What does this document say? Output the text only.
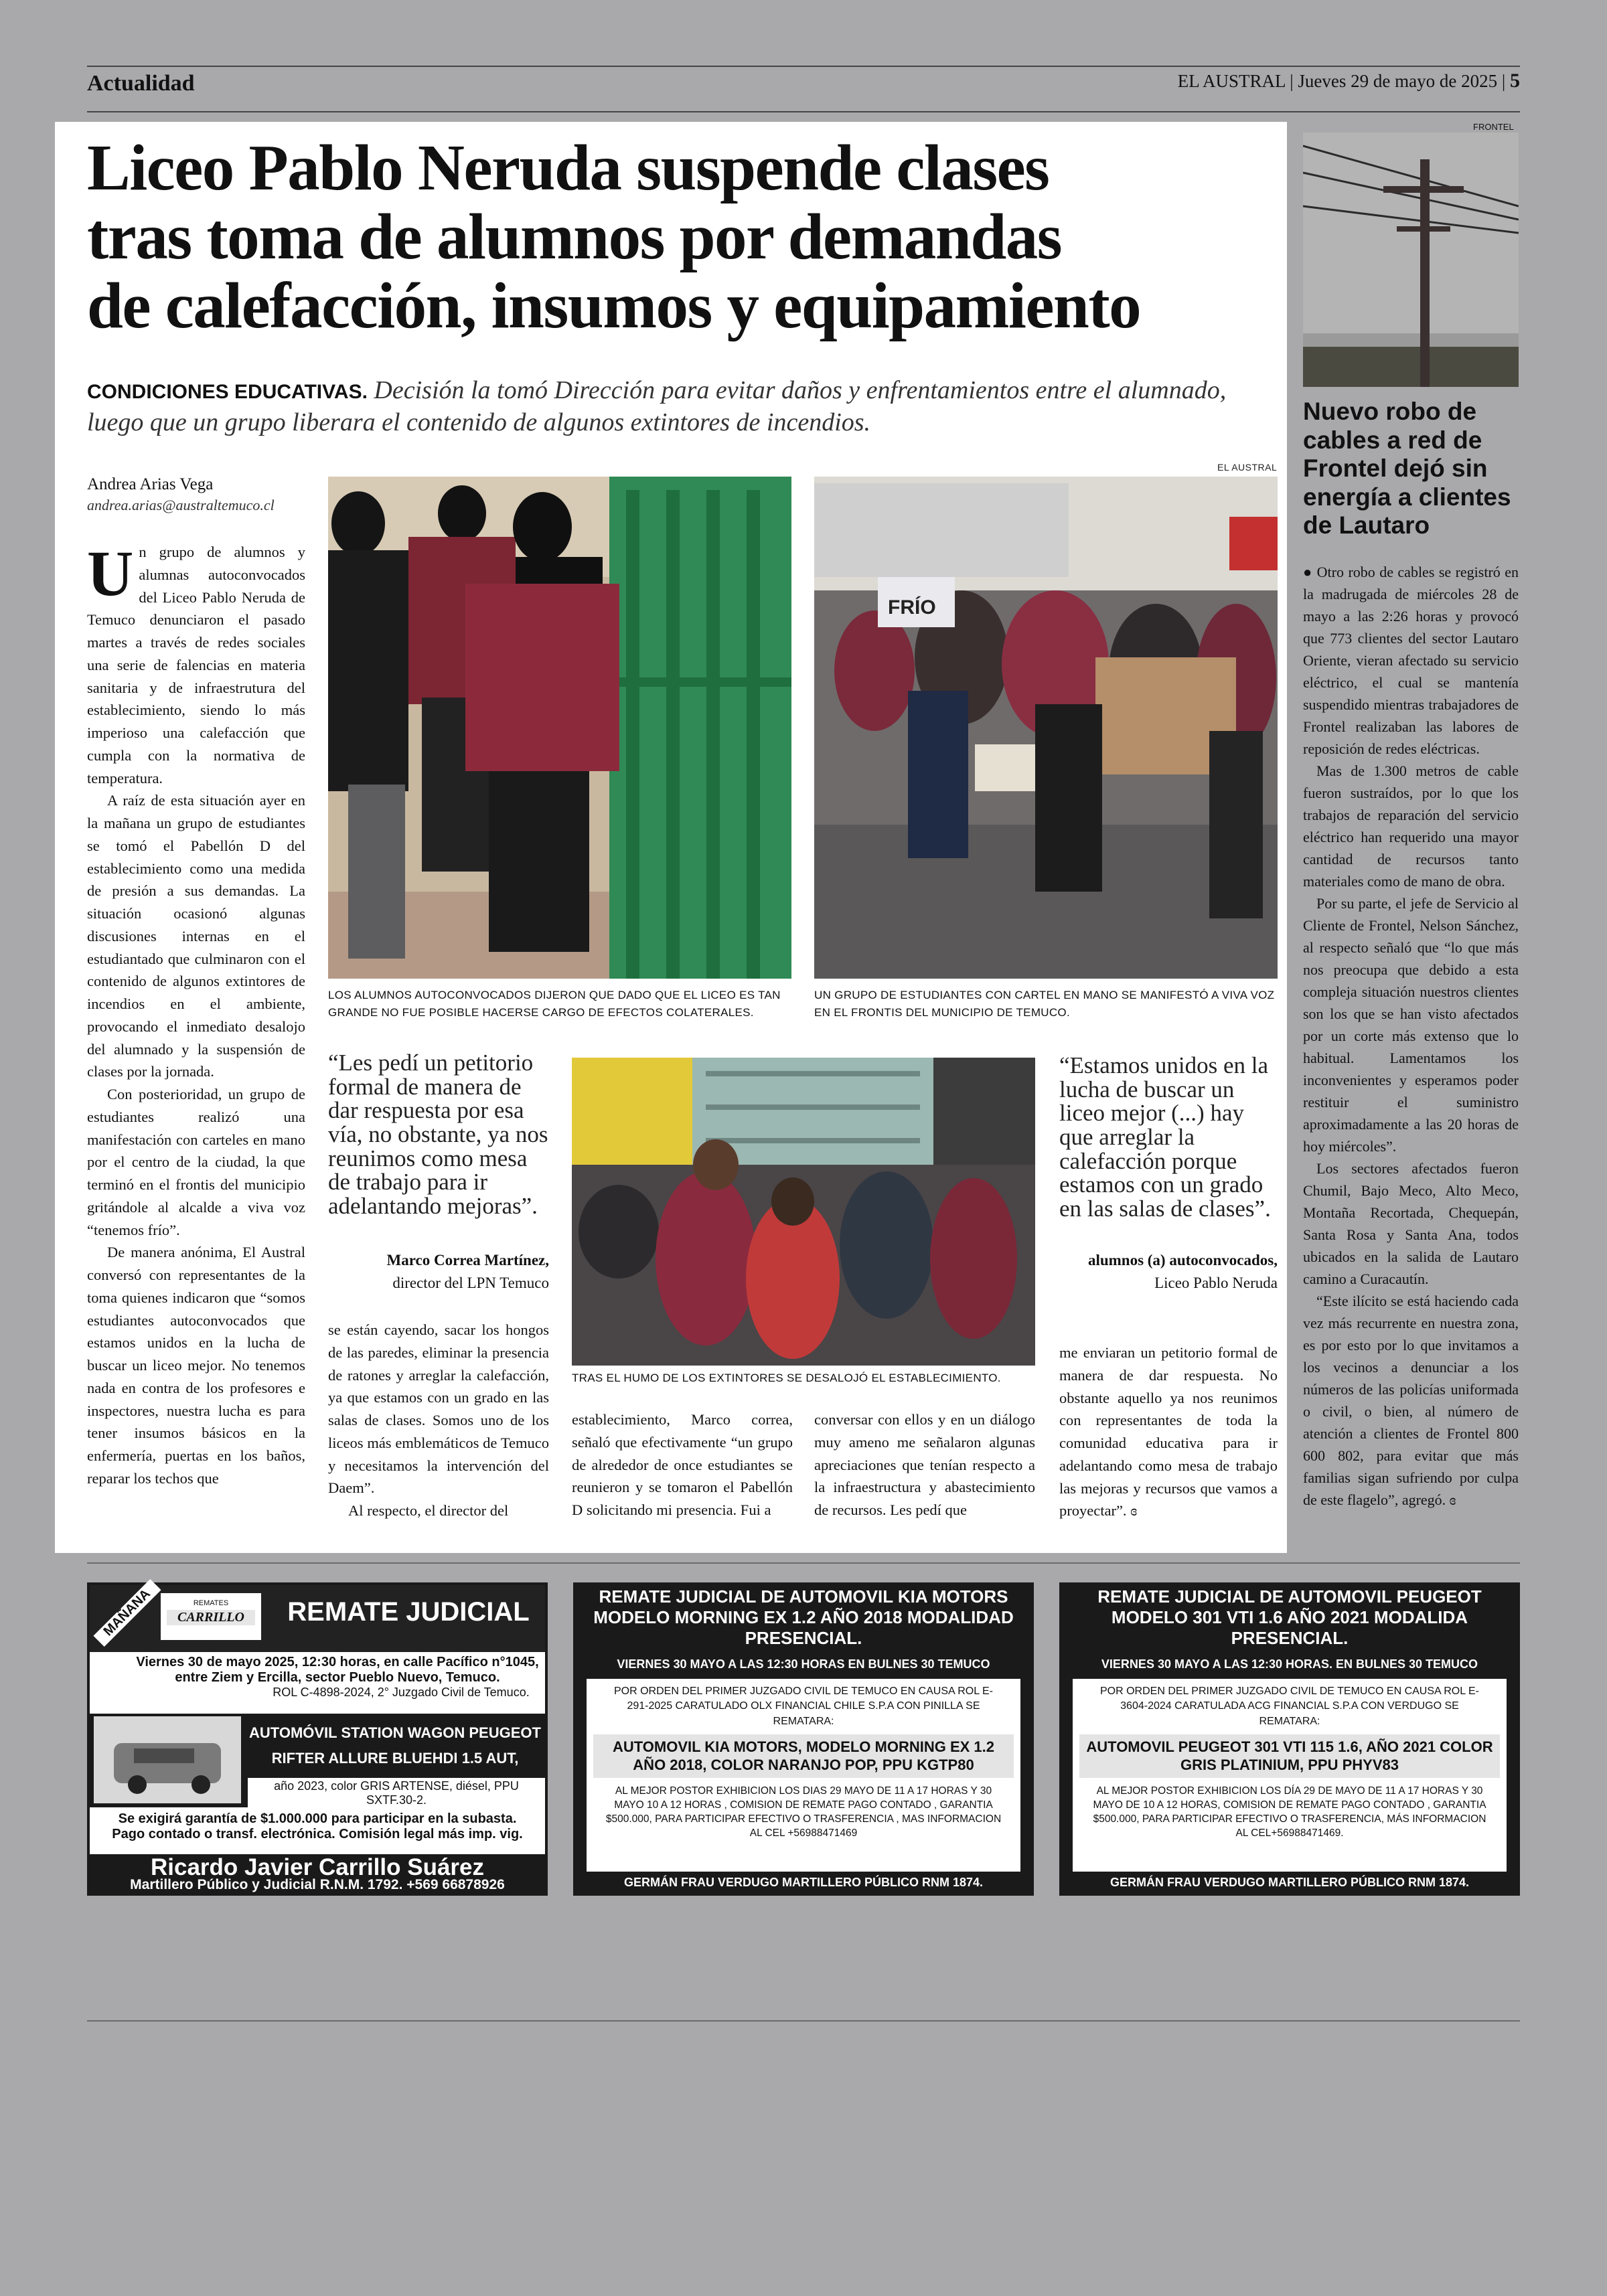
Actualidad	EL AUSTRAL | Jueves 29 de mayo de 2025 | 5
Liceo Pablo Neruda suspende clases
tras toma de alumnos por demandas
de calefacción, insumos y equipamiento
CONDICIONES EDUCATIVAS. Decisión la tomó Dirección para evitar daños y enfrentamientos entre el alumnado, luego que un grupo liberara el contenido de algunos extintores de incendios.
EL AUSTRAL
Andrea Arias Vega
andrea.arias@australtemuco.cl

Un grupo de alumnos y alumnas autoconvocados del Liceo Pablo Neruda de Temuco denunciaron el pasado martes a través de redes sociales una serie de falencias en materia sanitaria y de infraestrutura del establecimiento, siendo lo más imperioso una calefacción que cumpla con la normativa de temperatura.

A raíz de esta situación ayer en la mañana un grupo de estudiantes se tomó el Pabellón D del establecimiento como una medida de presión a sus demandas. La situación ocasionó algunas discusiones internas en el estudiantado que culminaron con el contenido de algunos extintores de incendios en el ambiente, provocando el inmediato desalojo del alumnado y la suspensión de clases por la jornada.

Con posterioridad, un grupo de estudiantes realizó una manifestación con carteles en mano por el centro de la ciudad, la que terminó en el frontis del municipio gritándole al alcalde a viva voz “tenemos frío”.

De manera anónima, El Austral conversó con representantes de la toma quienes indicaron que “somos estudiantes autoconvocados que estamos unidos en la lucha de buscar un liceo mejor. No tenemos nada en contra de los profesores e inspectores, nuestra lucha es para tener insumos básicos en la enfermería, puertas en los baños, reparar los techos que

LOS ALUMNOS AUTOCONVOCADOS DIJERON QUE DADO QUE EL LICEO ES TAN GRANDE NO FUE POSIBLE HACERSE CARGO DE EFECTOS COLATERALES.
FRÍO
UN GRUPO DE ESTUDIANTES CON CARTEL EN MANO SE MANIFESTÓ A VIVA VOZ EN EL FRONTIS DEL MUNICIPIO DE TEMUCO.
“Les pedí un petitorio formal de manera de dar respuesta por esa vía, no obstante, ya nos reunimos como mesa de trabajo para ir adelantando mejoras”.
Marco Correa Martínez,
director del LPN Temuco
TRAS EL HUMO DE LOS EXTINTORES SE DESALOJÓ EL ESTABLECIMIENTO.
“Estamos unidos en la lucha de buscar un liceo mejor (...) hay que arreglar la calefacción porque estamos con un grado en las salas de clases”.
alumnos (a) autoconvocados,
Liceo Pablo Neruda

se están cayendo, sacar los hongos de las paredes, eliminar la presencia de ratones y arreglar la calefacción, ya que estamos con un grado en las salas de clases. Somos uno de los liceos más emblemáticos de Temuco y necesitamos la intervención del Daem”.

Al respecto, el director del

establecimiento, Marco correa, señaló que efectivamente “un grupo de alrededor de once estudiantes se reunieron y se tomaron el Pabellón D solicitando mi presencia. Fui a

conversar con ellos y en un diálogo muy ameno me señalaron algunas apreciaciones que tenían respecto a la infraestructura y abastecimiento de recursos. Les pedí que

me enviaran un petitorio formal de manera de dar respuesta. No obstante aquello ya nos reunimos con representantes de toda la comunidad educativa para ir adelantando como mesa de trabajo las mejoras y recursos que vamos a proyectar”. ɞ

FRONTEL
Nuevo robo de cables a red de Frontel dejó sin energía a clientes de Lautaro

● Otro robo de cables se registró en la madrugada de miércoles 28 de mayo a las 2:26 horas y provocó que 773 clientes del sector Lautaro Oriente, vieran afectado su servicio eléctrico, el cual se mantenía suspendido mientras trabajadores de Frontel realizaban las labores de reposición de redes eléctricas.

Mas de 1.300 metros de cable fueron sustraídos, por lo que los trabajos de reparación del servicio eléctrico han requerido una mayor cantidad de recursos tanto materiales como de mano de obra.

Por su parte, el jefe de Servicio al Cliente de Frontel, Nelson Sánchez, al respecto señaló que “lo que más nos preocupa que debido a esta compleja situación nuestros clientes son los que se han visto afectados por un corte más extenso que lo habitual. Lamentamos los inconvenientes y esperamos poder restituir el suministro aproximadamente a las 20 horas de hoy miércoles”.

Los sectores afectados fueron Chumil, Bajo Meco, Alto Meco, Montaña Recortada, Chequepán, Santa Rosa y Santa Ana, todos ubicados en la salida de Lautaro camino a Curacautín.

“Este ilícito se está haciendo cada vez más recurrente en nuestra zona, es por esto por lo que invitamos a los vecinos a denunciar a los números de las policías uniformada o civil, o bien, al número de atención a clientes de Frontel 800 600 802, para evitar que más familias sigan sufriendo por culpa de este flagelo”, agregó. ɞ

MAÑANA	REMATES
CARRILLO	REMATE JUDICIAL
Viernes 30 de mayo 2025, 12:30 horas, en calle Pacífico n°1045,
entre Ziem y Ercilla, sector Pueblo Nuevo, Temuco.
ROL C-4898-2024, 2° Juzgado Civil de Temuco.
AUTOMÓVIL STATION WAGON PEUGEOT
RIFTER ALLURE BLUEHDI 1.5 AUT,
año 2023, color GRIS ARTENSE, diésel, PPU SXTF.30-2.
Se exigirá garantía de $1.000.000 para participar en la subasta.
Pago contado o transf. electrónica. Comisión legal más imp. vig.
Ricardo Javier Carrillo Suárez
Martillero Público y Judicial R.N.M. 1792. +569 66878926
REMATE JUDICIAL DE AUTOMOVIL KIA MOTORS MODELO MORNING EX 1.2 AÑO 2018 MODALIDAD PRESENCIAL.
VIERNES 30 MAYO A LAS 12:30 HORAS EN BULNES 30 TEMUCO
POR ORDEN DEL PRIMER JUZGADO CIVIL DE TEMUCO EN CAUSA ROL E- 291-2025 CARATULADO OLX FINANCIAL CHILE S.P.A CON PINILLA SE REMATARA:
AUTOMOVIL KIA MOTORS, MODELO MORNING EX 1.2 AÑO 2018, COLOR NARANJO POP, PPU KGTP80
AL MEJOR POSTOR EXHIBICION LOS DIAS 29 MAYO DE 11 A 17 HORAS Y 30 MAYO 10 A 12 HORAS , COMISION DE REMATE PAGO CONTADO , GARANTIA $500.000, PARA PARTICIPAR EFECTIVO O TRASFERENCIA , MAS INFORMACION AL CEL +56988471469
GERMÁN FRAU VERDUGO MARTILLERO PÚBLICO RNM 1874.
REMATE JUDICIAL DE AUTOMOVIL PEUGEOT MODELO 301 VTI 1.6 AÑO 2021 MODALIDA PRESENCIAL.
VIERNES 30 MAYO A LAS 12:30 HORAS. EN BULNES 30 TEMUCO
POR ORDEN DEL PRIMER JUZGADO CIVIL DE TEMUCO EN CAUSA ROL E-3604-2024 CARATULADA ACG FINANCIAL S.P.A CON VERDUGO SE REMATARA:
AUTOMOVIL PEUGEOT 301 VTI 115 1.6, AÑO 2021 COLOR GRIS PLATINIUM, PPU PHYV83
AL MEJOR POSTOR EXHIBICION LOS DÍA 29 DE MAYO DE 11 A 17 HORAS Y 30 MAYO DE 10 A 12 HORAS, COMISION DE REMATE PAGO CONTADO , GARANTIA $500.000, PARA PARTICIPAR EFECTIVO O TRASFERENCIA, MÁS INFORMACION AL CEL+56988471469.
GERMÁN FRAU VERDUGO MARTILLERO PÚBLICO RNM 1874.
